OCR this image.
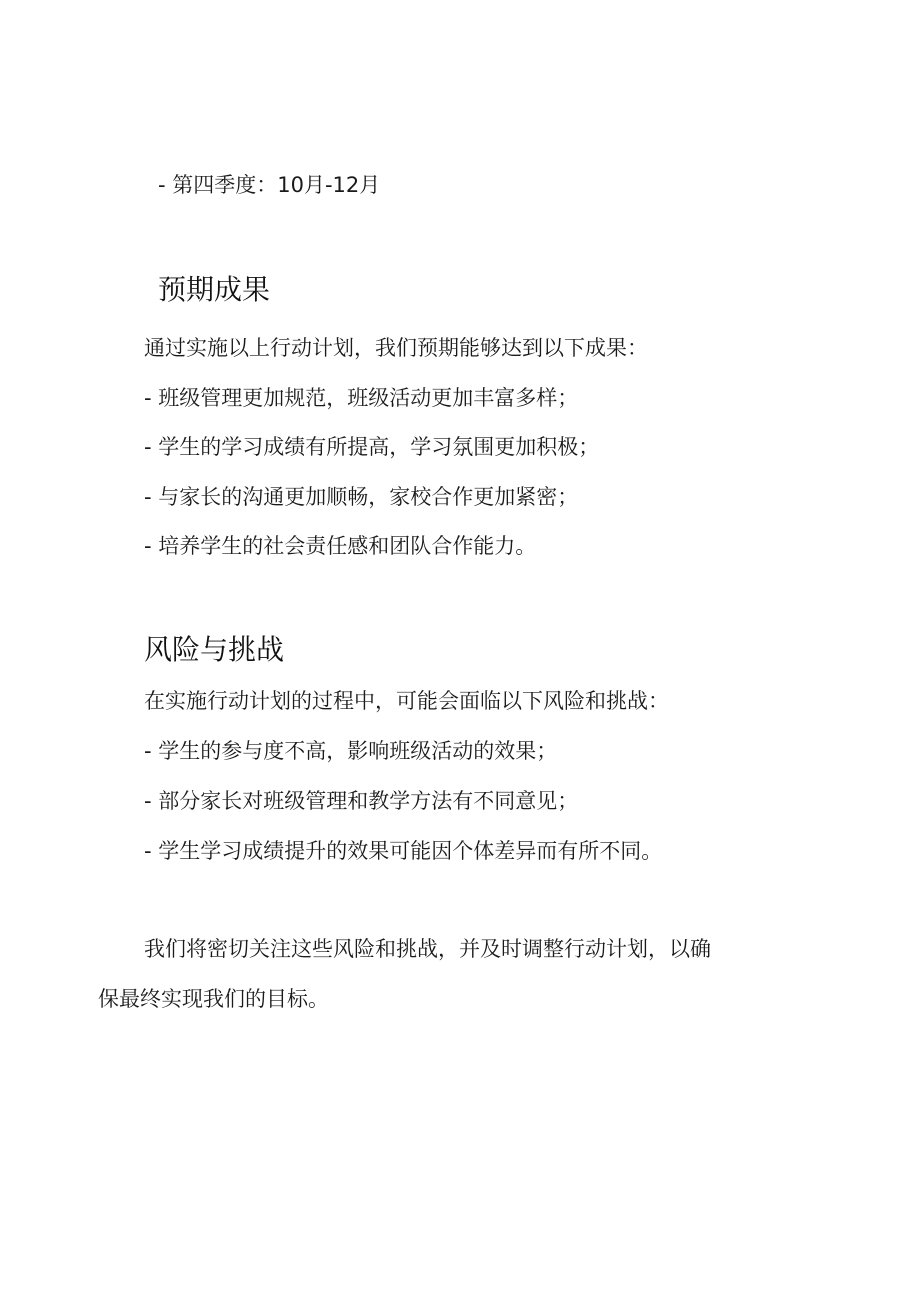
- 第四季度：10月-12月
预期成果
通过实施以上行动计划，我们预期能够达到以下成果：
- 班级管理更加规范，班级活动更加丰富多样；
- 学生的学习成绩有所提高，学习氛围更加积极；
- 与家长的沟通更加顺畅，家校合作更加紧密；
- 培养学生的社会责任感和团队合作能力。
风险与挑战
在实施行动计划的过程中，可能会面临以下风险和挑战：
- 学生的参与度不高，影响班级活动的效果；
- 部分家长对班级管理和教学方法有不同意见；
- 学生学习成绩提升的效果可能因个体差异而有所不同。
我们将密切关注这些风险和挑战，并及时调整行动计划，以确
保最终实现我们的目标。
